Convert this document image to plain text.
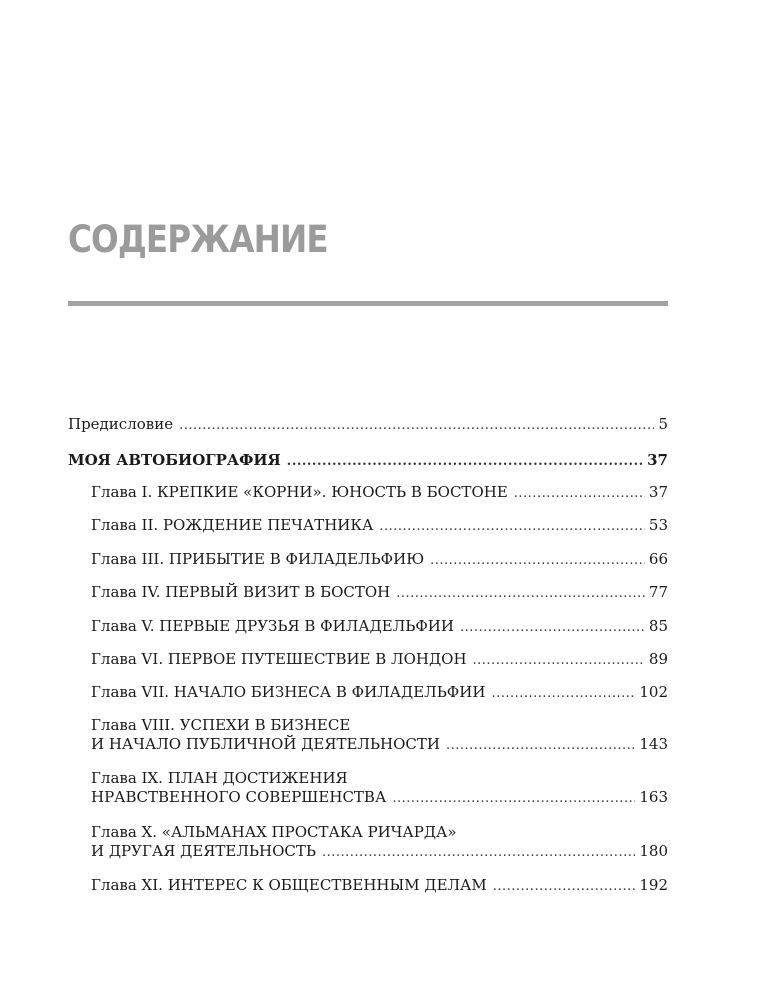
СОДЕРЖАНИЕ
Предисловие .....	5
МОЯ АВТОБИОГРАФИЯ .....	37
Глава I. КРЕПКИЕ «КОРНИ». ЮНОСТЬ В БОСТОНЕ .....	37
Глава II. РОЖДЕНИЕ ПЕЧАТНИКА .....	53
Глава III. ПРИБЫТИЕ В ФИЛАДЕЛЬФИЮ .....	66
Глава IV. ПЕРВЫЙ ВИЗИТ В БОСТОН .....	77
Глава V. ПЕРВЫЕ ДРУЗЬЯ В ФИЛАДЕЛЬФИИ .....	85
Глава VI. ПЕРВОЕ ПУТЕШЕСТВИЕ В ЛОНДОН .....	89
Глава VII. НАЧАЛО БИЗНЕСА В ФИЛАДЕЛЬФИИ .....	102
Глава VIII. УСПЕХИ В БИЗНЕСЕ
И НАЧАЛО ПУБЛИЧНОЙ ДЕЯТЕЛЬНОСТИ .....	143
Глава IX. ПЛАН ДОСТИЖЕНИЯ
НРАВСТВЕННОГО СОВЕРШЕНСТВА .....	163
Глава X. «АЛЬМАНАХ ПРОСТАКА РИЧАРДА»
И ДРУГАЯ ДЕЯТЕЛЬНОСТЬ .....	180
Глава XI. ИНТЕРЕС К ОБЩЕСТВЕННЫМ ДЕЛАМ .....	192
